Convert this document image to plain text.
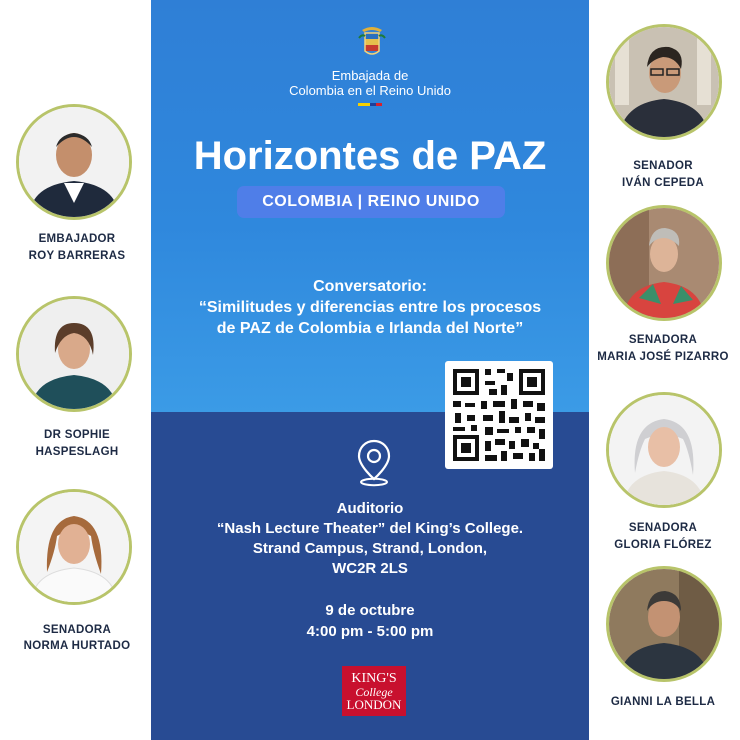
Embajada de
Colombia en el Reino Unido
Horizontes de PAZ
COLOMBIA | REINO UNIDO
Conversatorio:
“Similitudes y diferencias entre los procesos
de PAZ de Colombia e Irlanda del Norte”
Auditorio
“Nash Lecture Theater” del King’s College.
Strand Campus, Strand, London,
WC2R 2LS
9 de octubre
4:00 pm - 5:00 pm
KING'S
College
LONDON
EMBAJADOR
ROY BARRERAS
DR SOPHIE
HASPESLAGH
SENADORA
NORMA HURTADO
SENADOR
IVÁN CEPEDA
SENADORA
MARIA JOSÉ PIZARRO
SENADORA
GLORIA FLÓREZ
GIANNI LA BELLA
